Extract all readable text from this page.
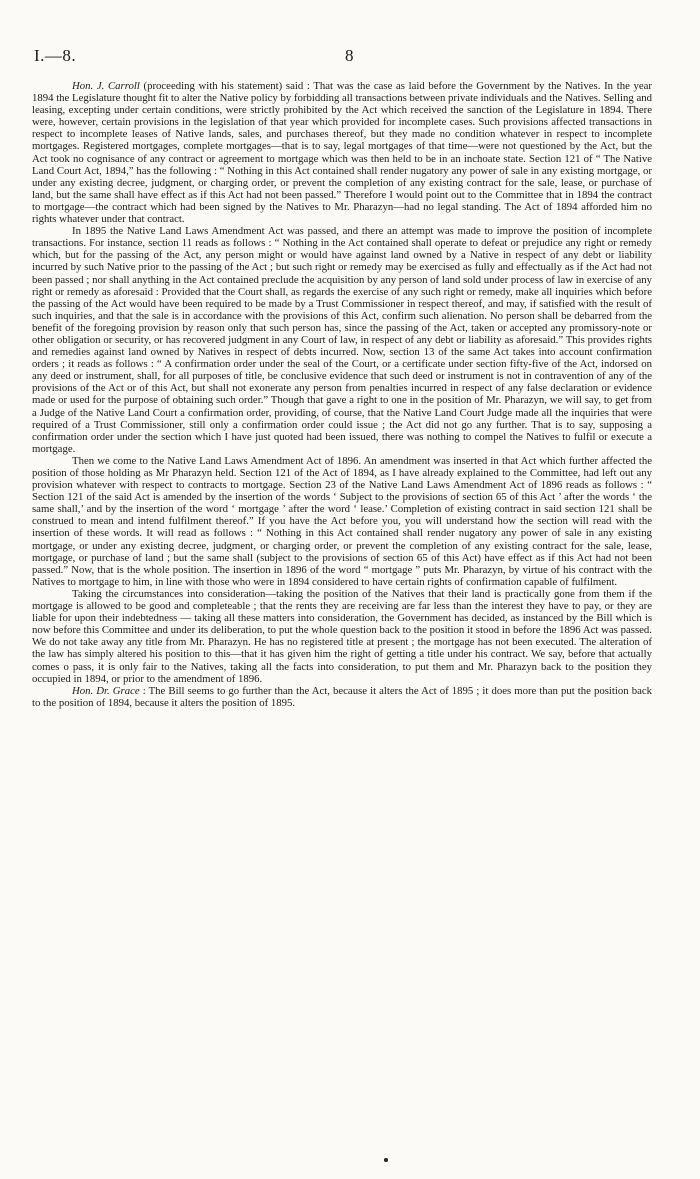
I.—8.	8

Hon. J. Carroll (proceeding with his statement) said : That was the case as laid before the Government by the Natives. In the year 1894 the Legislature thought fit to alter the Native policy by forbidding all transactions between private individuals and the Natives. Selling and leasing, excepting under certain conditions, were strictly prohibited by the Act which received the sanction of the Legislature in 1894. There were, however, certain provisions in the legislation of that year which provided for incomplete cases. Such provisions affected transactions in respect to incomplete leases of Native lands, sales, and purchases thereof, but they made no condition whatever in respect to incomplete mortgages. Registered mortgages, complete mortgages—that is to say, legal mortgages of that time—were not questioned by the Act, but the Act took no cognisance of any contract or agreement to mortgage which was then held to be in an inchoate state. Section 121 of “ The Native Land Court Act, 1894,” has the following : “ Nothing in this Act contained shall render nugatory any power of sale in any existing mortgage, or under any existing decree, judgment, or charging order, or prevent the completion of any existing contract for the sale, lease, or purchase of land, but the same shall have effect as if this Act had not been passed.” Therefore I would point out to the Committee that in 1894 the contract to mortgage—the contract which had been signed by the Natives to Mr. Pharazyn—had no legal standing. The Act of 1894 afforded him no rights whatever under that contract.

In 1895 the Native Land Laws Amendment Act was passed, and there an attempt was made to improve the position of incomplete transactions. For instance, section 11 reads as follows : “ Nothing in the Act contained shall operate to defeat or prejudice any right or remedy which, but for the passing of the Act, any person might or would have against land owned by a Native in respect of any debt or liability incurred by such Native prior to the passing of the Act ; but such right or remedy may be exercised as fully and effectually as if the Act had not been passed ; nor shall anything in the Act contained preclude the acquisition by any person of land sold under process of law in exercise of any right or remedy as aforesaid : Provided that the Court shall, as regards the exercise of any such right or remedy, make all inquiries which before the passing of the Act would have been required to be made by a Trust Commissioner in respect thereof, and may, if satisfied with the result of such inquiries, and that the sale is in accordance with the provisions of this Act, confirm such alienation. No person shall be debarred from the benefit of the foregoing provision by reason only that such person has, since the passing of the Act, taken or accepted any promissory-note or other obligation or security, or has recovered judgment in any Court of law, in respect of any debt or liability as aforesaid.” This provides rights and remedies against land owned by Natives in respect of debts incurred. Now, section 13 of the same Act takes into account confirmation orders ; it reads as follows : “ A confirmation order under the seal of the Court, or a certificate under section fifty-five of the Act, indorsed on any deed or instrument, shall, for all purposes of title, be conclusive evidence that such deed or instrument is not in contravention of any of the provisions of the Act or of this Act, but shall not exonerate any person from penalties incurred in respect of any false declaration or evidence made or used for the purpose of obtaining such order.” Though that gave a right to one in the position of Mr. Pharazyn, we will say, to get from a Judge of the Native Land Court a confirmation order, providing, of course, that the Native Land Court Judge made all the inquiries that were required of a Trust Commissioner, still only a confirmation order could issue ; the Act did not go any further. That is to say, supposing a confirmation order under the section which I have just quoted had been issued, there was nothing to compel the Natives to fulfil or execute a mortgage.

Then we come to the Native Land Laws Amendment Act of 1896. An amendment was inserted in that Act which further affected the position of those holding as Mr Pharazyn held. Section 121 of the Act of 1894, as I have already explained to the Committee, had left out any provision whatever with respect to contracts to mortgage. Section 23 of the Native Land Laws Amendment Act of 1896 reads as follows : “ Section 121 of the said Act is amended by the insertion of the words ‘ Subject to the provisions of section 65 of this Act ’ after the words ‘ the same shall,’ and by the insertion of the word ‘ mortgage ’ after the word ‘ lease.’ Completion of existing contract in said section 121 shall be construed to mean and intend fulfilment thereof.” If you have the Act before you, you will understand how the section will read with the insertion of these words. It will read as follows : “ Nothing in this Act contained shall render nugatory any power of sale in any existing mortgage, or under any existing decree, judgment, or charging order, or prevent the completion of any existing contract for the sale, lease, mortgage, or purchase of land ; but the same shall (subject to the provisions of section 65 of this Act) have effect as if this Act had not been passed.” Now, that is the whole position. The insertion in 1896 of the word “ mortgage ” puts Mr. Pharazyn, by virtue of his contract with the Natives to mortgage to him, in line with those who were in 1894 considered to have certain rights of confirmation capable of fulfilment.

Taking the circumstances into consideration—taking the position of the Natives that their land is practically gone from them if the mortgage is allowed to be good and completeable ; that the rents they are receiving are far less than the interest they have to pay, or they are liable for upon their indebtedness — taking all these matters into consideration, the Government has decided, as instanced by the Bill which is now before this Committee and under its deliberation, to put the whole question back to the position it stood in before the 1896 Act was passed. We do not take away any title from Mr. Pharazyn. He has no registered title at present ; the mortgage has not been executed. The alteration of the law has simply altered his position to this—that it has given him the right of getting a title under his contract. We say, before that actually comes o pass, it is only fair to the Natives, taking all the facts into consideration, to put them and Mr. Pharazyn back to the position they occupied in 1894, or prior to the amendment of 1896.

Hon. Dr. Grace : The Bill seems to go further than the Act, because it alters the Act of 1895 ; it does more than put the position back to the position of 1894, because it alters the position of 1895.
